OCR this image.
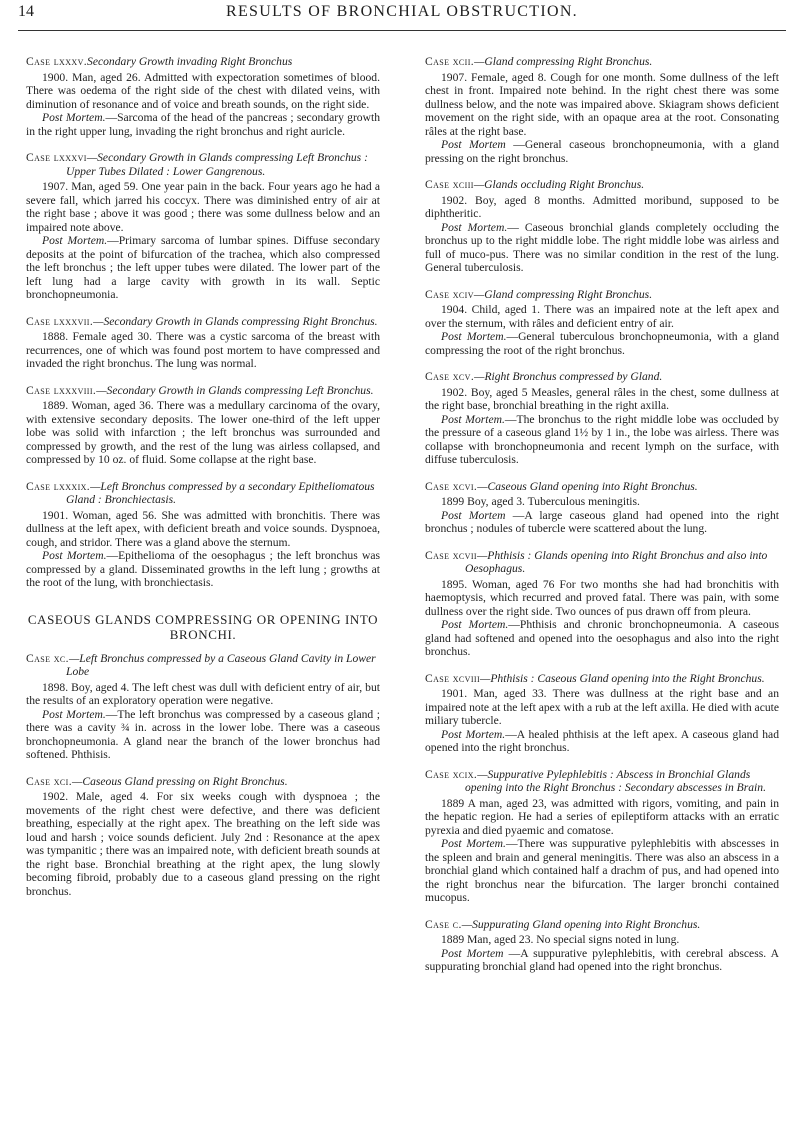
14	RESULTS OF BRONCHIAL OBSTRUCTION.

Case lxxxv.Secondary Growth invading Right Bronchus

1900. Man, aged 26. Admitted with expectoration sometimes of blood. There was oedema of the right side of the chest with dilated veins, with diminution of resonance and of voice and breath sounds, on the right side.

Post Mortem.—Sarcoma of the head of the pancreas ; secondary growth in the right upper lung, invading the right bronchus and right auricle.

Case lxxxvi—Secondary Growth in Glands compressing Left Bronchus : Upper Tubes Dilated : Lower Gangrenous.

1907. Man, aged 59. One year pain in the back. Four years ago he had a severe fall, which jarred his coccyx. There was diminished entry of air at the right base ; above it was good ; there was some dullness below and an impaired note above.

Post Mortem.—Primary sarcoma of lumbar spines. Diffuse secondary deposits at the point of bifurcation of the trachea, which also compressed the left bronchus ; the left upper tubes were dilated. The lower part of the left lung had a large cavity with growth in its wall. Septic bronchopneumonia.

Case lxxxvii.—Secondary Growth in Glands compressing Right Bronchus.

1888. Female aged 30. There was a cystic sarcoma of the breast with recurrences, one of which was found post mortem to have compressed and invaded the right bronchus. The lung was normal.

Case lxxxviii.—Secondary Growth in Glands compressing Left Bronchus.

1889. Woman, aged 36. There was a medullary carcinoma of the ovary, with extensive secondary deposits. The lower one-third of the left upper lobe was solid with infarction ; the left bronchus was surrounded and compressed by growth, and the rest of the lung was airless collapsed, and compressed by 10 oz. of fluid. Some collapse at the right base.

Case lxxxix.—Left Bronchus compressed by a secondary Epitheliomatous Gland : Bronchiectasis.

1901. Woman, aged 56. She was admitted with bronchitis. There was dullness at the left apex, with deficient breath and voice sounds. Dyspnoea, cough, and stridor. There was a gland above the sternum.

Post Mortem.—Epithelioma of the oesophagus ; the left bronchus was compressed by a gland. Disseminated growths in the left lung ; growths at the root of the lung, with bronchiectasis.

CASEOUS GLANDS COMPRESSING OR OPENING INTO BRONCHI.

Case xc.—Left Bronchus compressed by a Caseous Gland Cavity in Lower Lobe

1898. Boy, aged 4. The left chest was dull with deficient entry of air, but the results of an exploratory operation were negative.

Post Mortem.—The left bronchus was compressed by a caseous gland ; there was a cavity ¾ in. across in the lower lobe. There was a caseous bronchopneumonia. A gland near the branch of the lower bronchus had softened. Phthisis.

Case xci.—Caseous Gland pressing on Right Bronchus.

1902. Male, aged 4. For six weeks cough with dyspnoea ; the movements of the right chest were defective, and there was deficient breathing, especially at the right apex. The breathing on the left side was loud and harsh ; voice sounds deficient. July 2nd : Resonance at the apex was tympanitic ; there was an impaired note, with deficient breath sounds at the right base. Bronchial breathing at the right apex, the lung slowly becoming fibroid, probably due to a caseous gland pressing on the right bronchus.

Case xcii.—Gland compressing Right Bronchus.

1907. Female, aged 8. Cough for one month. Some dullness of the left chest in front. Impaired note behind. In the right chest there was some dullness below, and the note was impaired above. Skiagram shows deficient movement on the right side, with an opaque area at the root. Consonating râles at the right base.

Post Mortem —General caseous bronchopneumonia, with a gland pressing on the right bronchus.

Case xciii—Glands occluding Right Bronchus.

1902. Boy, aged 8 months. Admitted moribund, supposed to be diphtheritic.

Post Mortem.— Caseous bronchial glands completely occluding the bronchus up to the right middle lobe. The right middle lobe was airless and full of muco-pus. There was no similar condition in the rest of the lung. General tuberculosis.

Case xciv—Gland compressing Right Bronchus.

1904. Child, aged 1. There was an impaired note at the left apex and over the sternum, with râles and deficient entry of air.

Post Mortem.—General tuberculous bronchopneumonia, with a gland compressing the root of the right bronchus.

Case xcv.—Right Bronchus compressed by Gland.

1902. Boy, aged 5 Measles, general râles in the chest, some dullness at the right base, bronchial breathing in the right axilla.

Post Mortem.—The bronchus to the right middle lobe was occluded by the pressure of a caseous gland 1½ by 1 in., the lobe was airless. There was collapse with bronchopneumonia and recent lymph on the surface, with diffuse tuberculosis.

Case xcvi.—Caseous Gland opening into Right Bronchus.

1899 Boy, aged 3. Tuberculous meningitis.

Post Mortem —A large caseous gland had opened into the right bronchus ; nodules of tubercle were scattered about the lung.

Case xcvii—Phthisis : Glands opening into Right Bronchus and also into Oesophagus.

1895. Woman, aged 76 For two months she had had bronchitis with haemoptysis, which recurred and proved fatal. There was pain, with some dullness over the right side. Two ounces of pus drawn off from pleura.

Post Mortem.—Phthisis and chronic bronchopneumonia. A caseous gland had softened and opened into the oesophagus and also into the right bronchus.

Case xcviii—Phthisis : Caseous Gland opening into the Right Bronchus.

1901. Man, aged 33. There was dullness at the right base and an impaired note at the left apex with a rub at the left axilla. He died with acute miliary tubercle.

Post Mortem.—A healed phthisis at the left apex. A caseous gland had opened into the right bronchus.

Case xcix.—Suppurative Pylephlebitis : Abscess in Bronchial Glands opening into the Right Bronchus : Secondary abscesses in Brain.

1889 A man, aged 23, was admitted with rigors, vomiting, and pain in the hepatic region. He had a series of epileptiform attacks with an erratic pyrexia and died pyaemic and comatose.

Post Mortem.—There was suppurative pylephlebitis with abscesses in the spleen and brain and general meningitis. There was also an abscess in a bronchial gland which contained half a drachm of pus, and had opened into the right bronchus near the bifurcation. The larger bronchi contained mucopus.

Case c.—Suppurating Gland opening into Right Bronchus.

1889 Man, aged 23. No special signs noted in lung.

Post Mortem —A suppurative pylephlebitis, with cerebral abscess. A suppurating bronchial gland had opened into the right bronchus.
